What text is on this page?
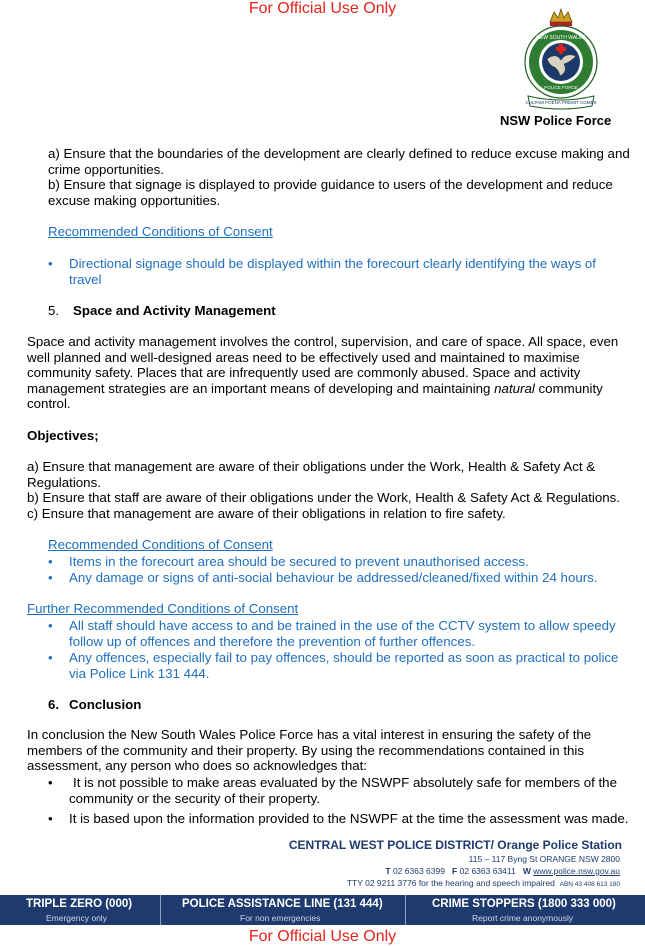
For Official Use Only
NEW SOUTH WALES
POLICE FORCE
CULPAM POENA PREMIT COMES
NSW Police Force
a) Ensure that the boundaries of the development are clearly defined to reduce excuse making and crime opportunities.
b) Ensure that signage is displayed to provide guidance to users of the development and reduce excuse making opportunities.
Recommended Conditions of Consent
• Directional signage should be displayed within the forecourt clearly identifying the ways of travel
5. Space and Activity Management
Space and activity management involves the control, supervision, and care of space. All space, even well planned and well-designed areas need to be effectively used and maintained to maximise community safety. Places that are infrequently used are commonly abused. Space and activity management strategies are an important means of developing and maintaining natural community control.
Objectives;
a) Ensure that management are aware of their obligations under the Work, Health & Safety Act & Regulations.
b) Ensure that staff are aware of their obligations under the Work, Health & Safety Act & Regulations.
c) Ensure that management are aware of their obligations in relation to fire safety.
Recommended Conditions of Consent
• Items in the forecourt area should be secured to prevent unauthorised access.
• Any damage or signs of anti-social behaviour be addressed/cleaned/fixed within 24 hours.
Further Recommended Conditions of Consent
• All staff should have access to and be trained in the use of the CCTV system to allow speedy follow up of offences and therefore the prevention of further offences.
• Any offences, especially fail to pay offences, should be reported as soon as practical to police via Police Link 131 444.
6. Conclusion
In conclusion the New South Wales Police Force has a vital interest in ensuring the safety of the members of the community and their property. By using the recommendations contained in this assessment, any person who does so acknowledges that:
•	It is not possible to make areas evaluated by the NSWPF absolutely safe for members of the community or the security of their property.
• It is based upon the information provided to the NSWPF at the time the assessment was made.
CENTRAL WEST POLICE DISTRICT/ Orange Police Station
115 – 117 Byng St ORANGE NSW 2800
T 02 6363 6399 F 02 6363 63411 W www.police.nsw.gov.au
TTY 02 9211 3776 for the hearing and speech impaired ABN 43 408 613 180
TRIPLE ZERO (000)
Emergency only
POLICE ASSISTANCE LINE (131 444)
For non emergencies
CRIME STOPPERS (1800 333 000)
Report crime anonymously
For Official Use Only
